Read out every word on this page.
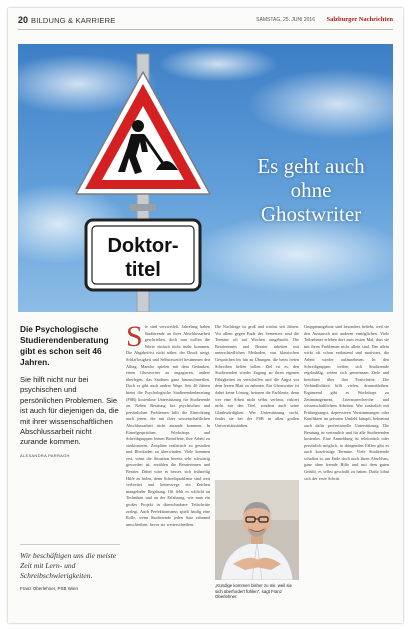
20 BILDUNG & KARRIERE	SAMSTAG, 25. JUNI 2016 Salzburger Nachrichten
Doktor-
titel
Es geht auch
ohne
Ghostwriter

Die Psychologische Studierendenberatung gibt es schon seit 46 Jahren.

Sie hilft nicht nur bei psychischen und persönlichen Problemen. Sie ist auch für diejenigen da, die mit ihrer wissenschaftlichen Abschlussarbeit nicht zurande kommen.

ALEXANDRA PARRAGH

Wir beschäftigen uns die meiste Zeit mit Lern- und Schreibschwierigkeiten.

Franz Oberlehner, PSB Wien

S ie sind verzweifelt. Jahrelang haben Studierende an ihrer Abschlussarbeit geschrieben, doch nun wollen die Worte einfach nicht mehr kommen. Die Abgabefrist rückt näher, der Druck steigt, Schlaflosigkeit und Selbstzweifel bestimmen den Alltag. Manche spielen mit dem Gedanken, einen Ghostwriter zu engagieren, andere überlegen, das Studium ganz hinzuschmeißen. Doch es gibt auch andere Wege. Seit 46 Jahren bietet die Psychologische Studierendenberatung (PSB) kostenlose Unterstützung für Studierende an. Neben Beratung bei psychischen und persönlichen Problemen hilft die Einrichtung auch jenen, die mit ihrer wissenschaftlichen Abschlussarbeit nicht zurande kommen. In Einzelgesprächen, Workshops und Schreibgruppen lernen Betroffene, ihre Arbeit zu strukturieren, Zeitpläne realistisch zu gestalten und Blockaden zu überwinden. Viele kommen erst, wenn die Situation bereits sehr schwierig geworden ist, erzählen die Beraterinnen und Berater. Dabei wäre es besser, sich frühzeitig Hilfe zu holen, denn Schreibprobleme sind weit verbreitet und keineswegs ein Zeichen mangelnder Begabung. Oft fehlt es schlicht an Techniken und an der Erfahrung, wie man ein großes Projekt in überschaubare Teilschritte zerlegt. Auch Perfektionismus spielt häufig eine Rolle, wenn Studierende jeden Satz zehnmal umschreiben, bevor sie weiterschreiben.
Die Nachfrage ist groß und wächst seit Jahren. Vor allem gegen Ende des Semesters sind die Termine oft auf Wochen ausgebucht. Die Beraterinnen und Berater arbeiten mit unterschiedlichen Methoden, von klassischen Gesprächen bis hin zu Übungen, die beim freien Schreiben helfen sollen. Ziel ist es, den Studierenden wieder Zugang zu ihren eigenen Fähigkeiten zu verschaffen und die Angst vor dem leeren Blatt zu nehmen. Ein Ghostwriter ist dabei keine Lösung, betonen die Fachleute, denn wer eine Arbeit nicht selbst verfasst, riskiert nicht nur den Titel, sondern auch seine Glaubwürdigkeit. Wer Unterstützung sucht, findet sie bei der PSB in allen großen Universitätsstädten.
„Kündige kommen bisher zu mir, weil sie sich überfordert fühlen", sagt Franz Oberlehner.
Gruppenangebote sind besonders beliebt, weil sie den Austausch mit anderen ermöglichen. Viele Teilnehmer erleben dort zum ersten Mal, dass sie mit ihren Problemen nicht allein sind. Das allein wirkt oft schon entlastend und motiviert, die Arbeit wieder aufzunehmen. In den Schreibgruppen treffen sich Studierende regelmäßig, setzen sich gemeinsam Ziele und berichten über ihre Fortschritte. Die Verbindlichkeit hilft vielen, dranzubleiben. Ergänzend gibt es Workshops zu Zeitmanagement, Literaturrecherche und wissenschaftlichem Arbeiten. Wer zusätzlich mit Prüfungsangst, depressiven Verstimmungen oder Konflikten im privaten Umfeld kämpft, bekommt auch dafür professionelle Unterstützung. Die Beratung ist vertraulich und für alle Studierenden kostenlos. Eine Anmeldung ist telefonisch oder persönlich möglich, in dringenden Fällen gibt es auch kurzfristige Termine. Viele Studierende schaffen so am Ende doch noch ihren Abschluss, ganz ohne fremde Hilfe und mit dem guten Gefühl, es selbst geschafft zu haben. Dafür lohnt sich der erste Schritt.
